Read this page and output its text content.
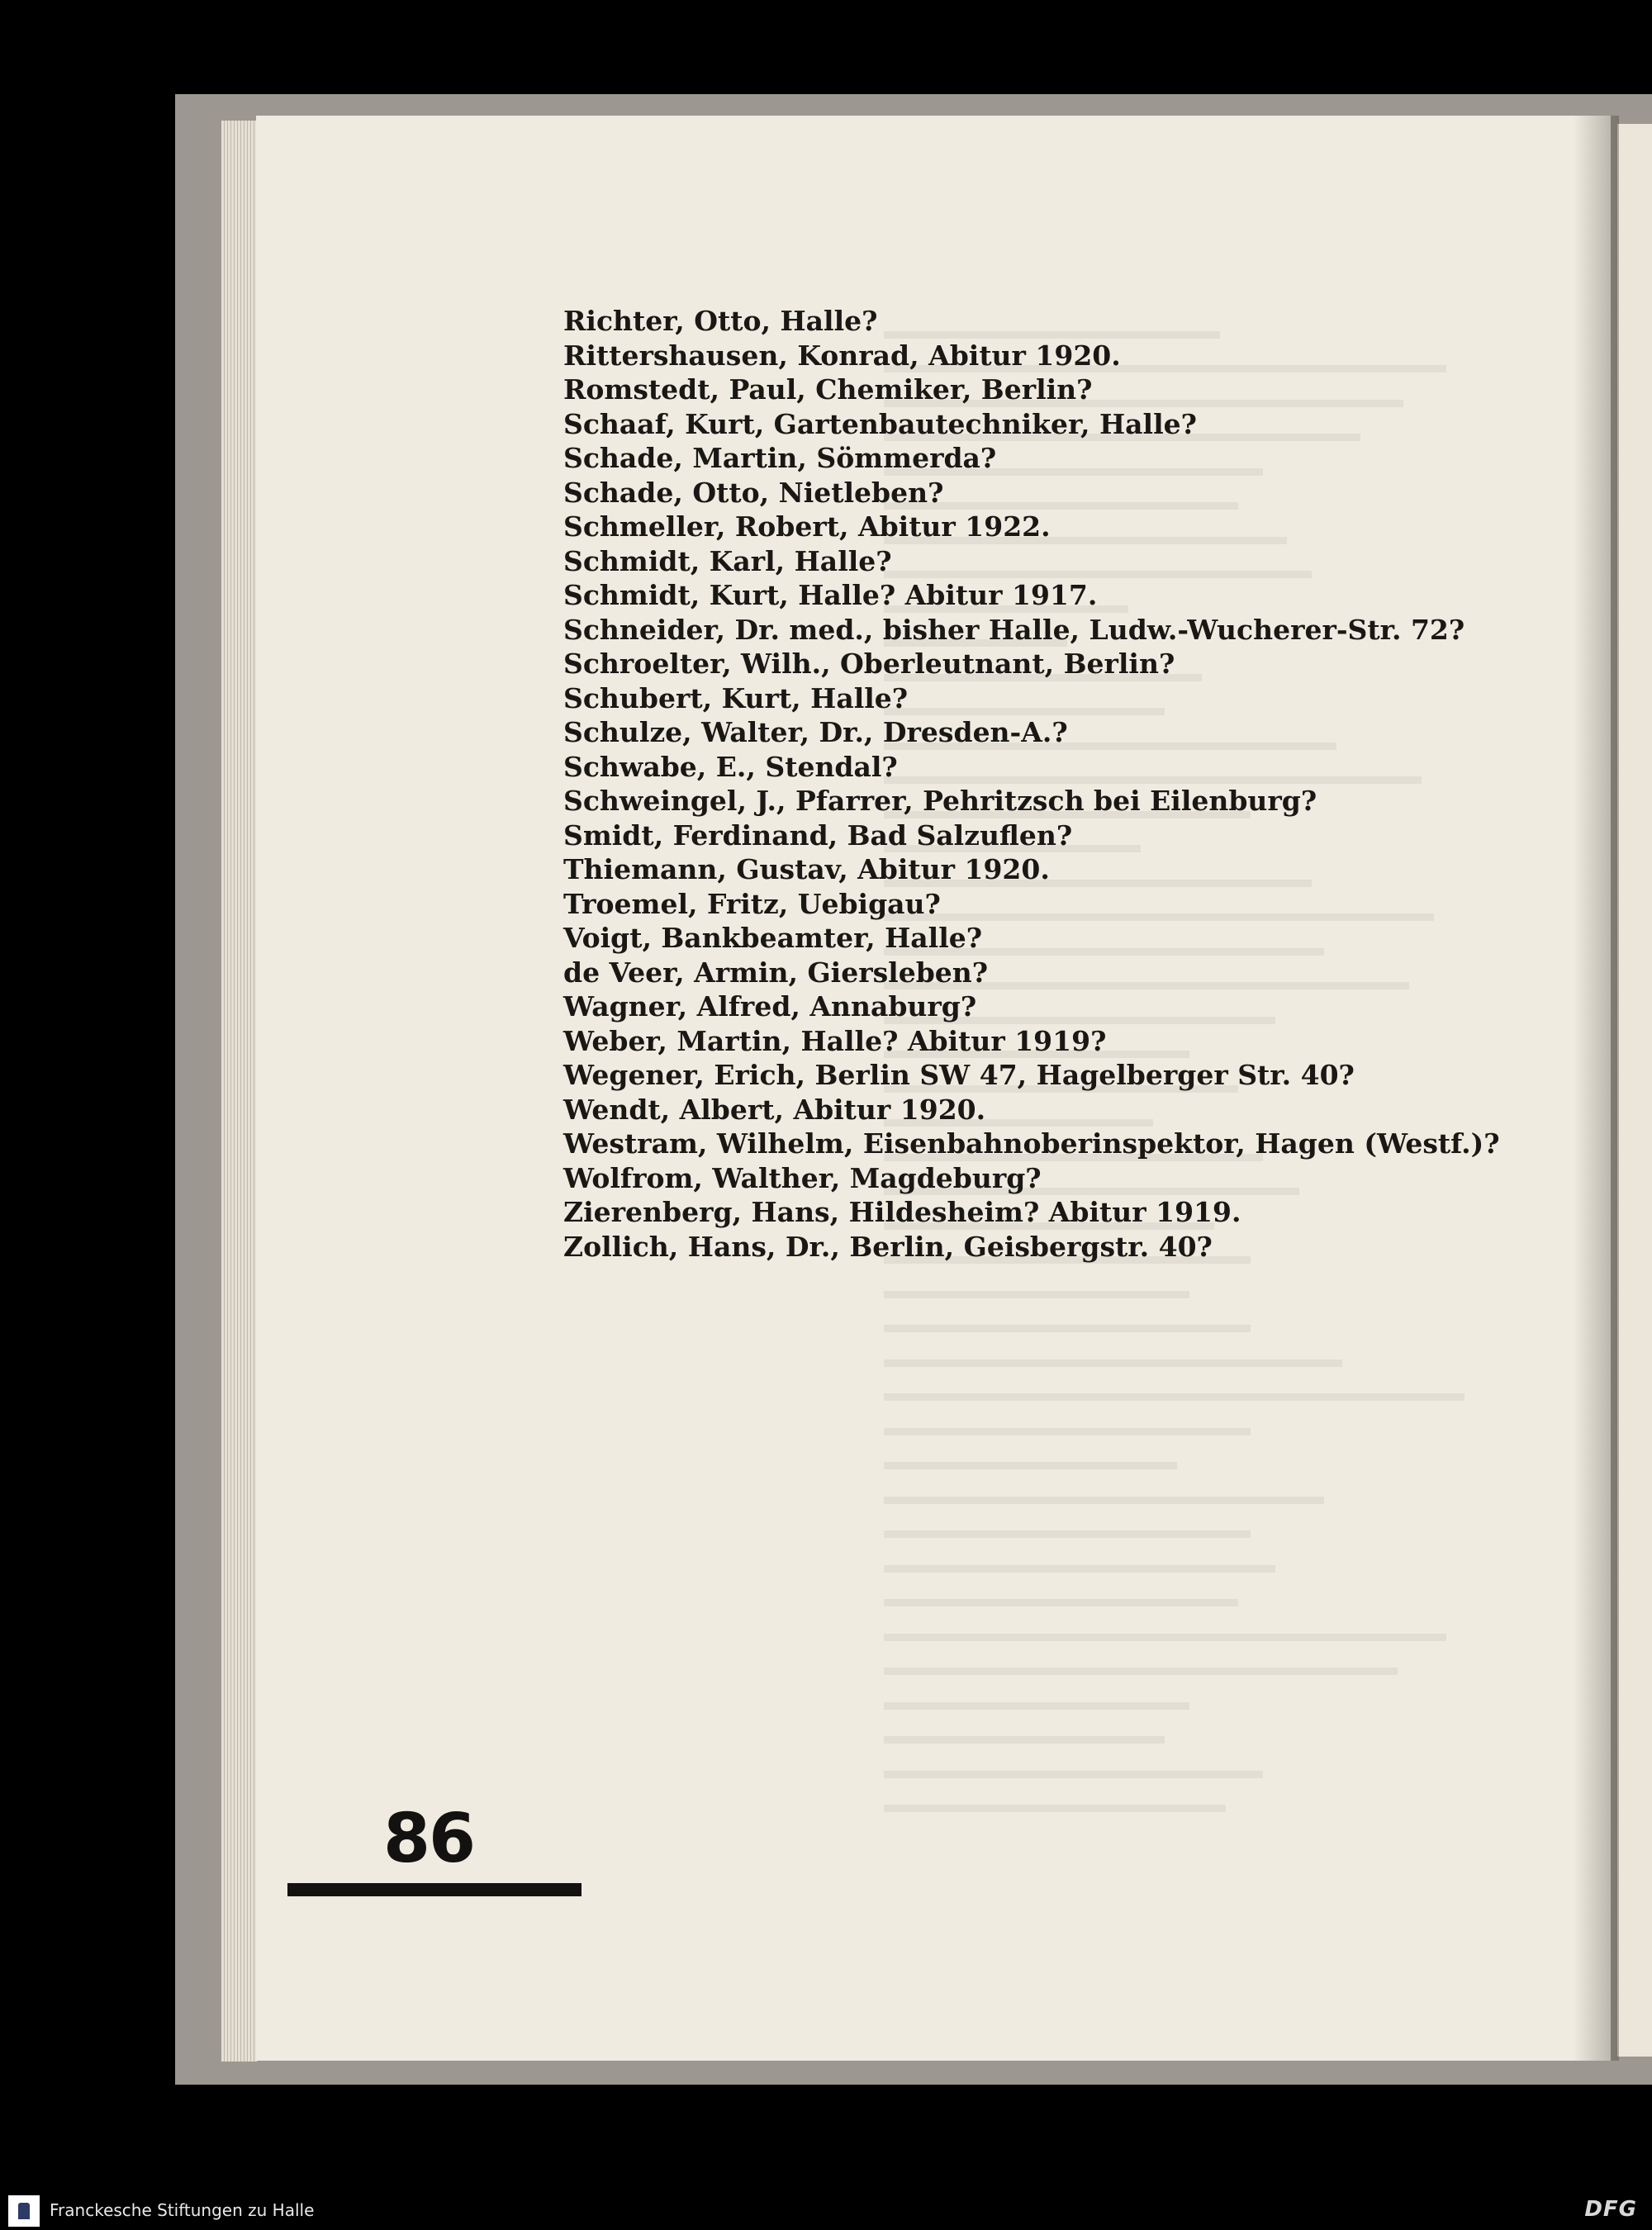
Richter, Otto, Halle?
Rittershausen, Konrad, Abitur 1920.
Romstedt, Paul, Chemiker, Berlin?
Schaaf, Kurt, Gartenbautechniker, Halle?
Schade, Martin, Sömmerda?
Schade, Otto, Nietleben?
Schmeller, Robert, Abitur 1922.
Schmidt, Karl, Halle?
Schmidt, Kurt, Halle? Abitur 1917.
Schneider, Dr. med., bisher Halle, Ludw.-Wucherer-Str. 72?
Schroelter, Wilh., Oberleutnant, Berlin?
Schubert, Kurt, Halle?
Schulze, Walter, Dr., Dresden-A.?
Schwabe, E., Stendal?
Schweingel, J., Pfarrer, Pehritzsch bei Eilenburg?
Smidt, Ferdinand, Bad Salzuflen?
Thiemann, Gustav, Abitur 1920.
Troemel, Fritz, Uebigau?
Voigt, Bankbeamter, Halle?
de Veer, Armin, Giersleben?
Wagner, Alfred, Annaburg?
Weber, Martin, Halle? Abitur 1919?
Wegener, Erich, Berlin SW 47, Hagelberger Str. 40?
Wendt, Albert, Abitur 1920.
Westram, Wilhelm, Eisenbahnoberinspektor, Hagen (Westf.)?
Wolfrom, Walther, Magdeburg?
Zierenberg, Hans, Hildesheim? Abitur 1919.
Zollich, Hans, Dr., Berlin, Geisbergstr. 40?
86
Franckesche Stiftungen zu Halle	DFG
